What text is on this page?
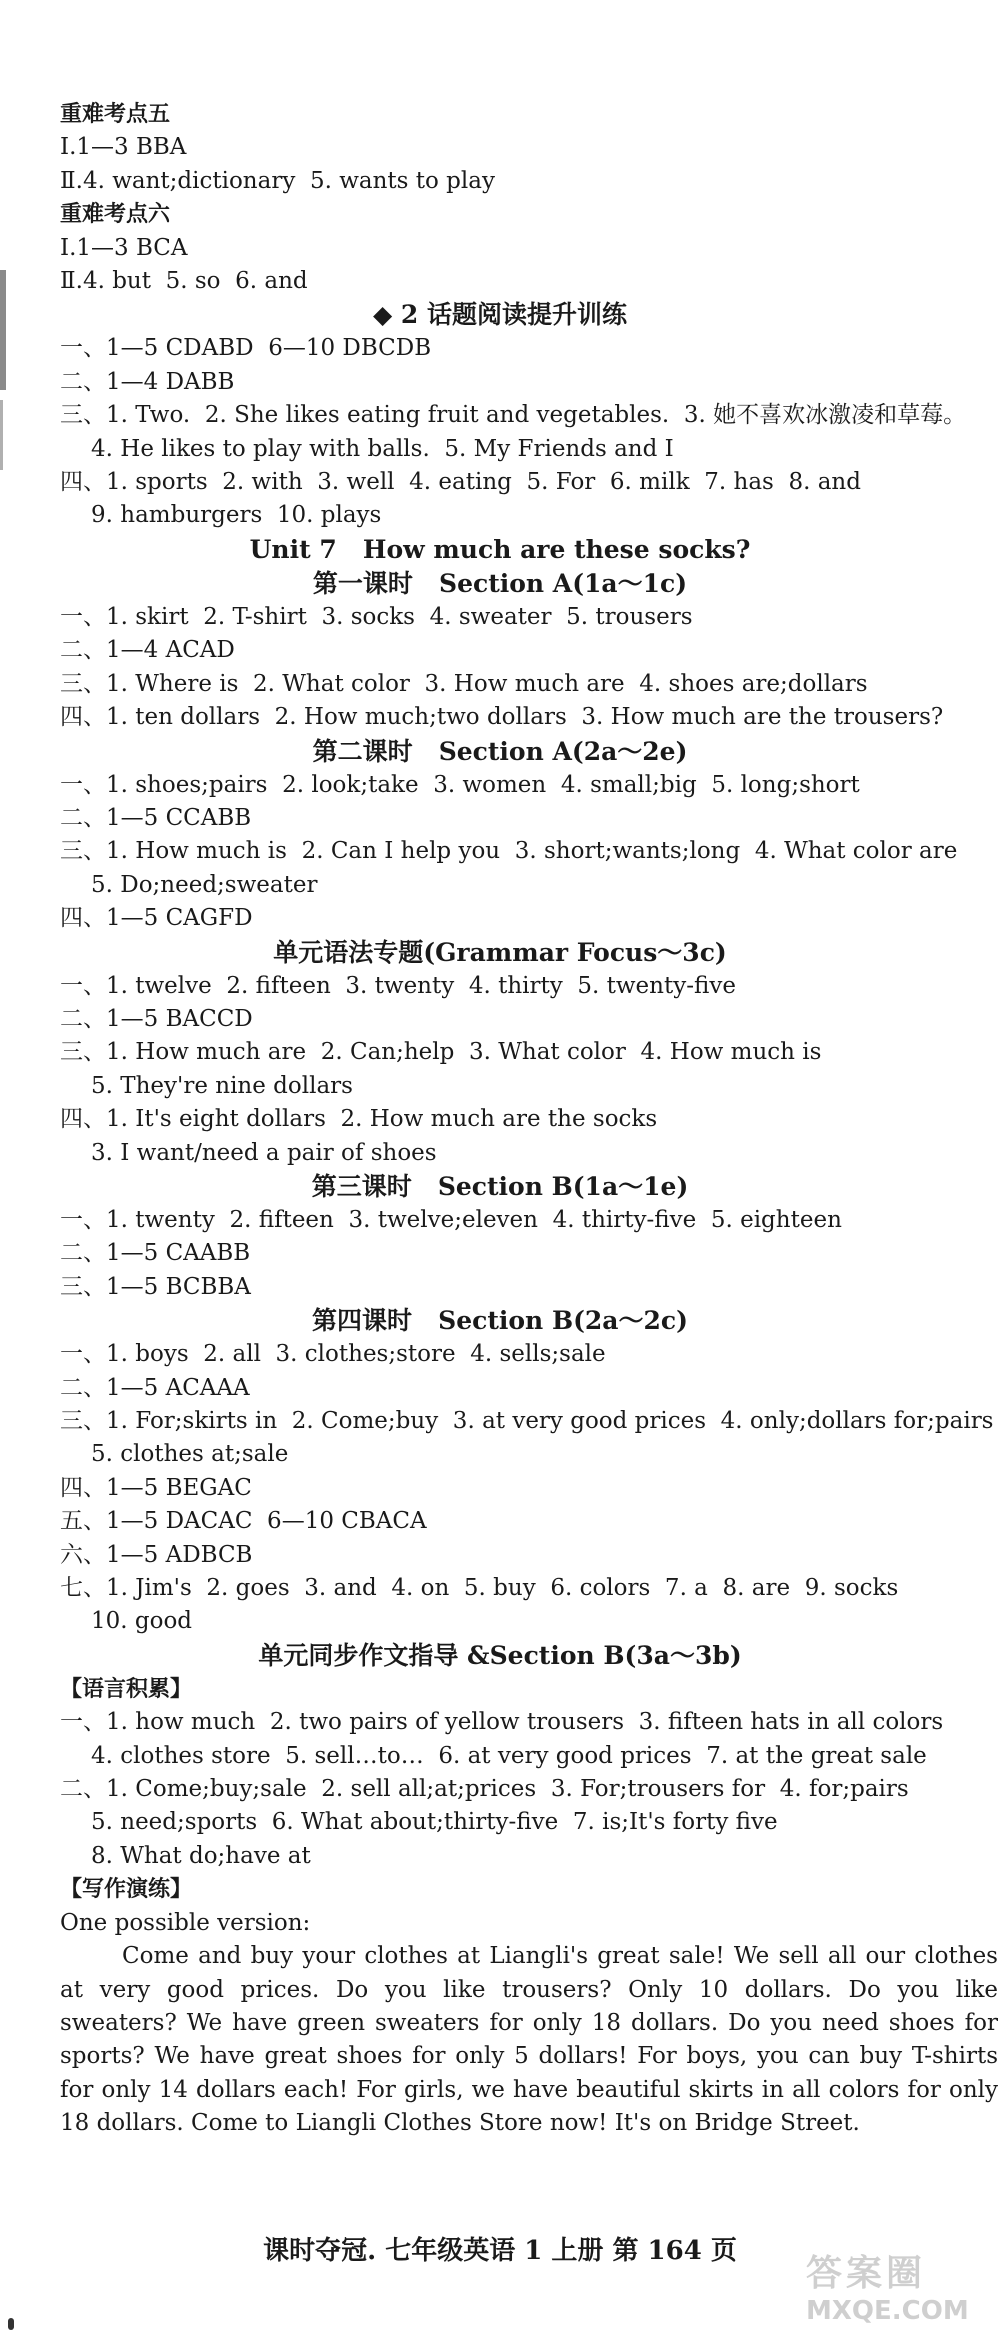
重难考点五
Ⅰ.1—3 BBA
Ⅱ.4. want;dictionary  5. wants to play
重难考点六
Ⅰ.1—3 BCA
Ⅱ.4. but  5. so  6. and
◆ 2 话题阅读提升训练
一、1—5 CDABD  6—10 DBCDB
二、1—4 DABB
三、1. Two.  2. She likes eating fruit and vegetables.  3. 她不喜欢冰激凌和草莓。
4. He likes to play with balls.  5. My Friends and I
四、1. sports  2. with  3. well  4. eating  5. For  6. milk  7. has  8. and
9. hamburgers  10. plays
Unit 7   How much are these socks?
第一课时   Section A(1a～1c)
一、1. skirt  2. T-shirt  3. socks  4. sweater  5. trousers
二、1—4 ACAD
三、1. Where is  2. What color  3. How much are  4. shoes are;dollars
四、1. ten dollars  2. How much;two dollars  3. How much are the trousers?
第二课时   Section A(2a～2e)
一、1. shoes;pairs  2. look;take  3. women  4. small;big  5. long;short
二、1—5 CCABB
三、1. How much is  2. Can I help you  3. short;wants;long  4. What color are
5. Do;need;sweater
四、1—5 CAGFD
单元语法专题(Grammar Focus～3c)
一、1. twelve  2. fifteen  3. twenty  4. thirty  5. twenty-five
二、1—5 BACCD
三、1. How much are  2. Can;help  3. What color  4. How much is
5. They're nine dollars
四、1. It's eight dollars  2. How much are the socks
3. I want/need a pair of shoes
第三课时   Section B(1a～1e)
一、1. twenty  2. fifteen  3. twelve;eleven  4. thirty-five  5. eighteen
二、1—5 CAABB
三、1—5 BCBBA
第四课时   Section B(2a～2c)
一、1. boys  2. all  3. clothes;store  4. sells;sale
二、1—5 ACAAA
三、1. For;skirts in  2. Come;buy  3. at very good prices  4. only;dollars for;pairs
5. clothes at;sale
四、1—5 BEGAC
五、1—5 DACAC  6—10 CBACA
六、1—5 ADBCB
七、1. Jim's  2. goes  3. and  4. on  5. buy  6. colors  7. a  8. are  9. socks
10. good
单元同步作文指导 &Section B(3a～3b)
【语言积累】
一、1. how much  2. two pairs of yellow trousers  3. fifteen hats in all colors
4. clothes store  5. sell…to…  6. at very good prices  7. at the great sale
二、1. Come;buy;sale  2. sell all;at;prices  3. For;trousers for  4. for;pairs
5. need;sports  6. What about;thirty-five  7. is;It's forty five
8. What do;have at
【写作演练】
One possible version:

Come and buy your clothes at Liangli's great sale! We sell all our clothes at very good prices. Do you like trousers? Only 10 dollars. Do you like sweaters? We have green sweaters for only 18 dollars. Do you need shoes for sports? We have great shoes for only 5 dollars! For boys, you can buy T-shirts for only 14 dollars each! For girls, we have beautiful skirts in all colors for only 18 dollars. Come to Liangli Clothes Store now! It's on Bridge Street.

课时夺冠. 七年级英语 1 上册 第 164 页
答案圈
MXQE.COM
